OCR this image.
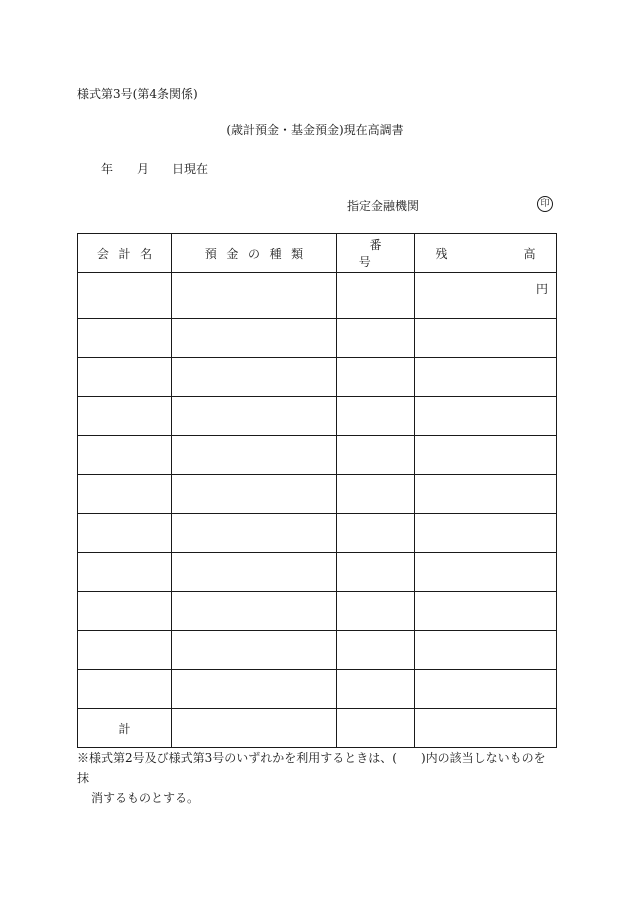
様式第3号(第4条関係)
(歳計預金・基金預金)現在高調書
年 月 日現在
指定金融機関	印
会計名	預金の種類	番号	残 高
			円

計			
※様式第2号及び様式第3号のいずれかを利用するときは、(　　)内の該当しないものを抹
消するものとする。
